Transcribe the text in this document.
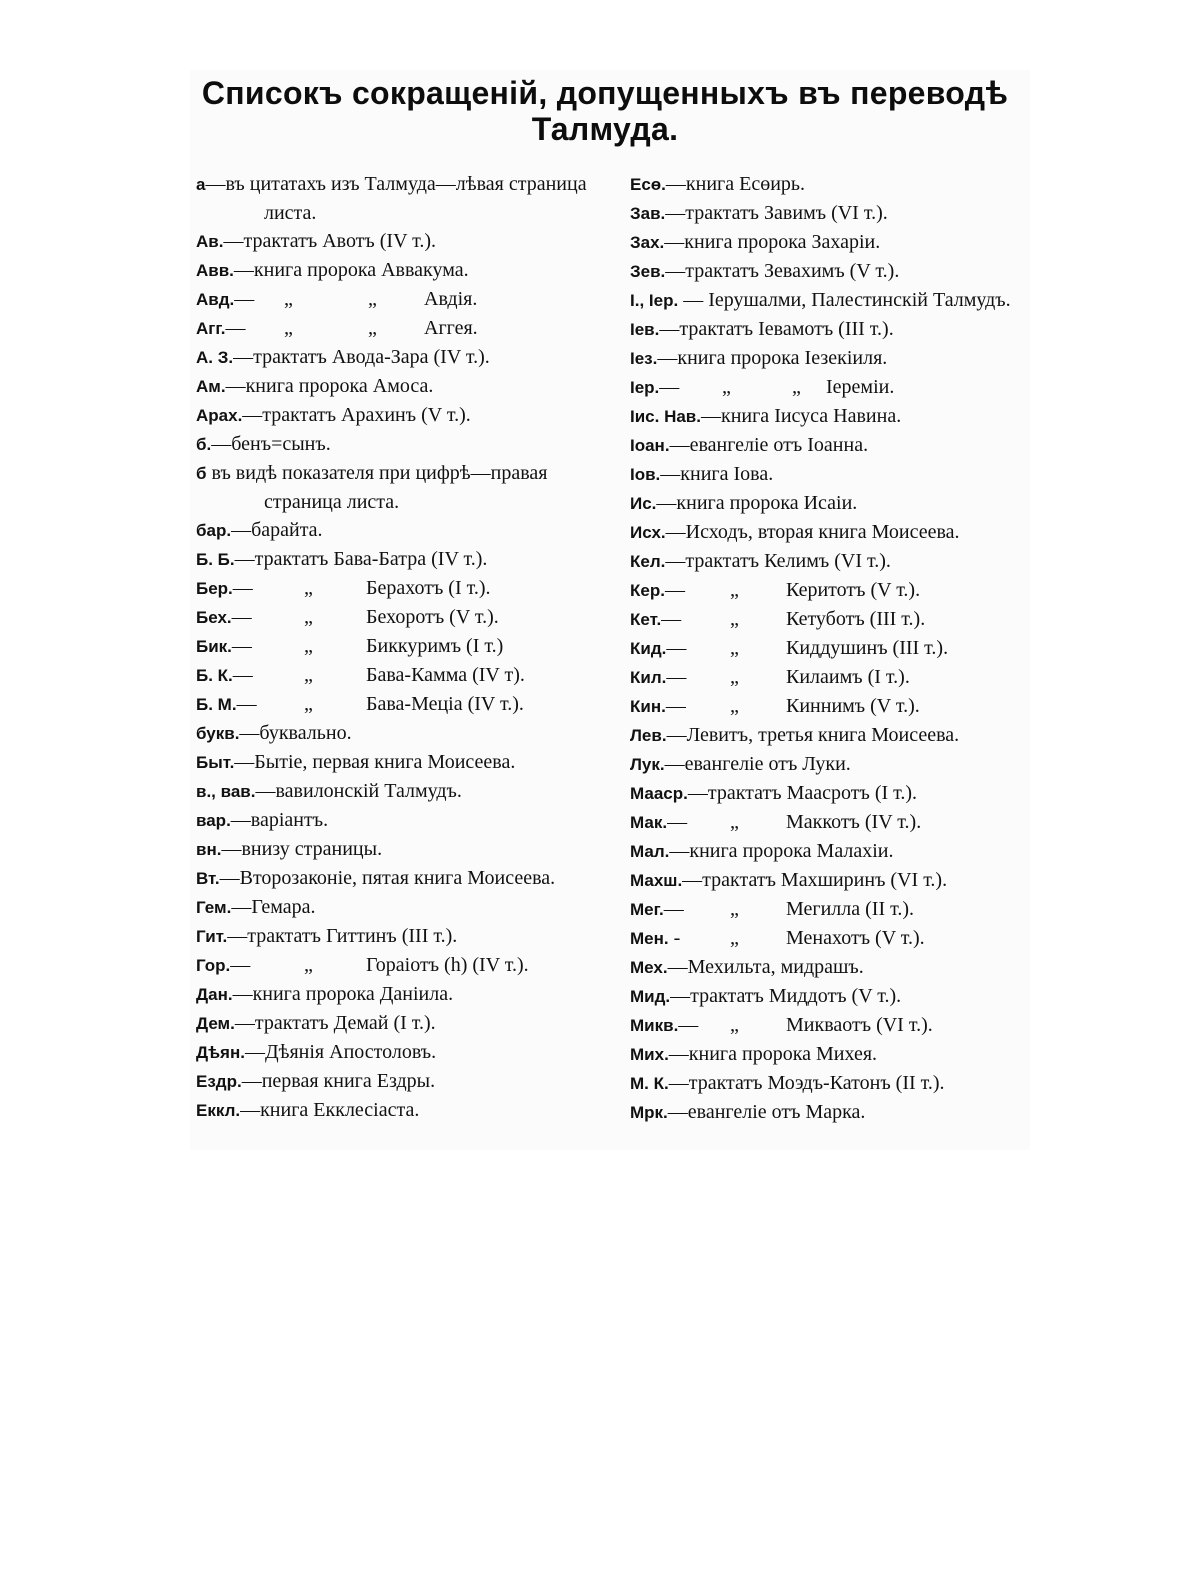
Списокъ сокращенiй, допущенныхъ въ переводѣ
Талмуда.
а—въ цитатахъ изъ Талмуда—лѣвая страница листа.
Ав.—трактатъ Авотъ (IV т.).
Авв.—книга пророка Аввакума.
Авд.— „	„ Авдiя.
Агг.— „	„ Аггея.
А. З.—трактатъ Авода-Зара (IV т.).
Ам.—книга пророка Амоса.
Арах.—трактатъ Арахинъ (V т.).
б.—бенъ=сынъ.
б въ видѣ показателя при цифрѣ—правая страница листа.
бар.—барайта.
Б. Б.—трактатъ Бава-Батра (IV т.).
Бер.—	„	Берахотъ (I т.).
Бех.—	„	Бехоротъ (V т.).
Бик.—	„	Биккуримъ (I т.)
Б. К.—	„	Бава-Камма (IV т).
Б. М.— „	Бава-Меціа (IV т.).
букв.—буквально.
Быт.—Бытіе, первая книга Моисеева.
в., вав.—вавилонскiй Талмудъ.
вар.—варiантъ.
вн.—внизу страницы.
Вт.—Второзаконіе, пятая книга Моисеева.
Гем.—Гемара.
Гит.—трактатъ Гиттинъ (III т.).
Гор.—	„	Гораіотъ (h) (IV т.).
Дан.—книга пророка Даніила.
Дем.—трактатъ Демай (I т.).
Дѣян.—Дѣянія Апостоловъ.
Ездр.—первая книга Ездры.
Еккл.—книга Екклесіаста.
Есө.—книга Есөирь.
Зав.—трактатъ Завимъ (VI т.).
Зах.—книга пророка Захаріи.
Зев.—трактатъ Зевахимъ (V т.).
І., Іер. — Іерушалми, Палестинскій Талмудъ.
Іев.—трактатъ Іевамотъ (III т.).
Іез.—книга пророка Іезекіиля.
Іер.— „	„ Іереміи.
Іис. Нав.—книга Іисуса Навина.
Іоан.—евангеліе отъ Іоанна.
Іов.—книга Іова.
Ис.—книга пророка Исаіи.
Исх.—Исходъ, вторая книга Моисеева.
Кел.—трактатъ Келимъ (VI т.).
Кер.— „ Керитотъ (V т.).
Кет.— „ Кетуботъ (III т.).
Кид.— „ Киддушинъ (III т.).
Кил.— „ Килаимъ (I т.).
Кин.— „ Киннимъ (V т.).
Лев.—Левитъ, третья книга Моисеева.
Лук.—евангеліе отъ Луки.
Мааср.—трактатъ Маасротъ (I т.).
Мак.— „ Маккотъ (IV т.).
Мал.—книга пророка Малахіи.
Махш.—трактатъ Махширинъ (VI т.).
Мег.— „ Мегилла (II т.).
Мен. - „ Менахотъ (V т.).
Мех.—Мехильта, мидрашъ.
Мид.—трактатъ Миддотъ (V т.).
Микв.— „ Микваотъ (VI т.).
Мих.—книга пророка Михея.
М. К.—трактатъ Моэдъ-Катонъ (II т.).
Мрк.—евангеліе отъ Марка.
